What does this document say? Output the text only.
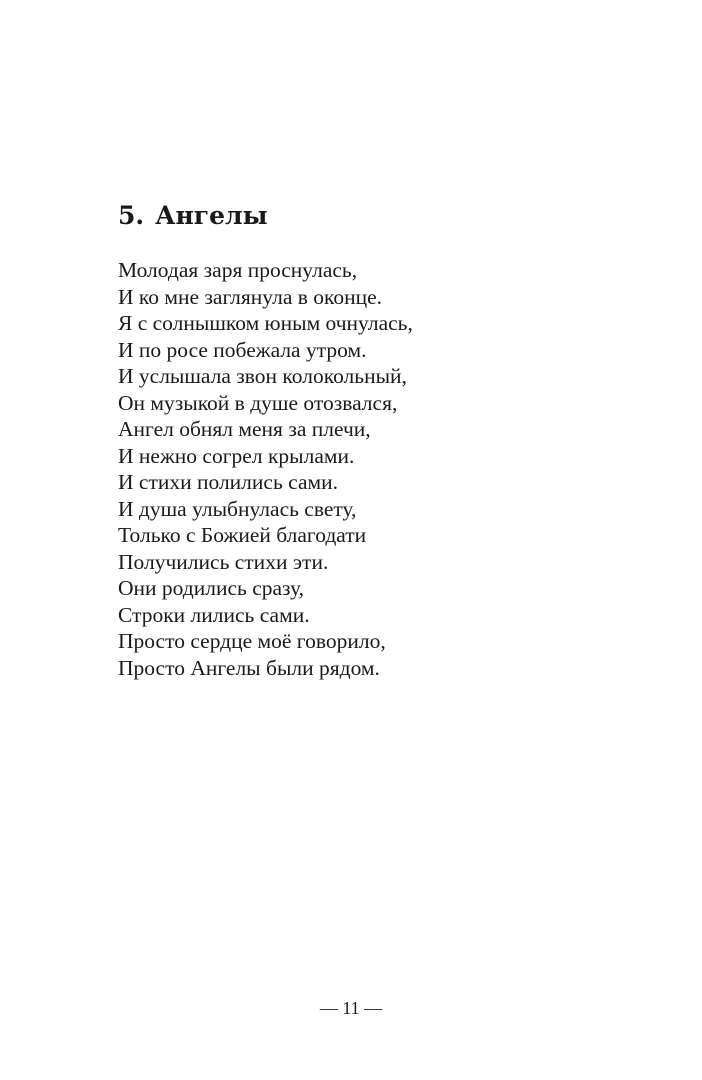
5. Ангелы
Молодая заря проснулась,
И ко мне заглянула в оконце.
Я с солнышком юным очнулась,
И по росе побежала утром.
И услышала звон колокольный,
Он музыкой в душе отозвался,
Ангел обнял меня за плечи,
И нежно согрел крылами.
И стихи полились сами.
И душа улыбнулась свету,
Только с Божией благодати
Получились стихи эти.
Они родились сразу,
Строки лились сами.
Просто сердце моё говорило,
Просто Ангелы были рядом.
— 11 —
